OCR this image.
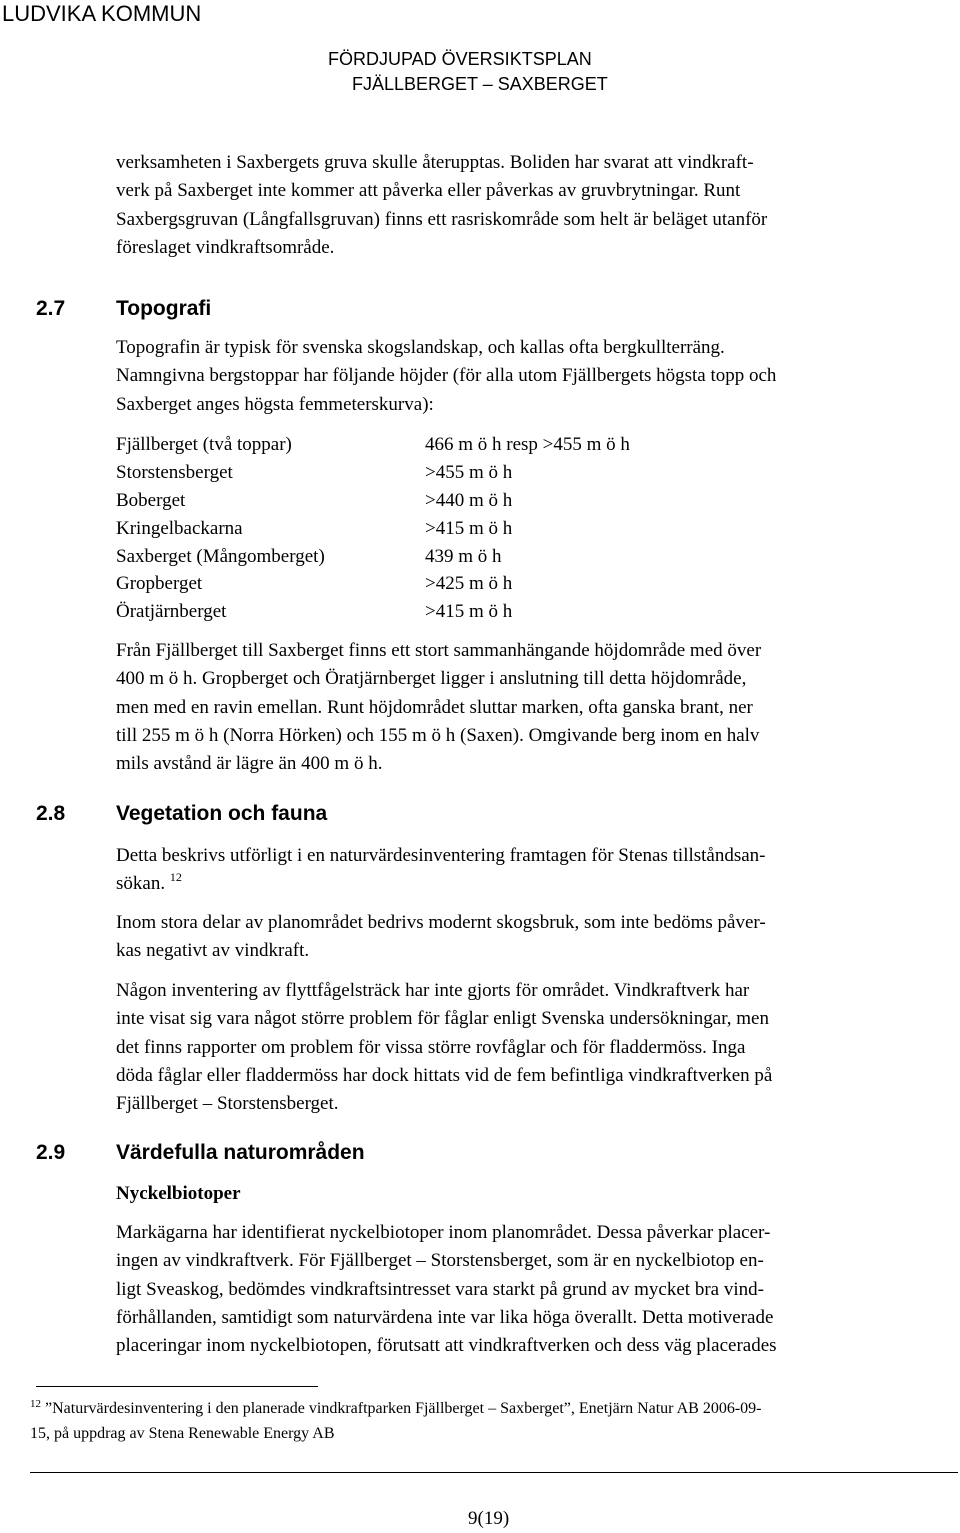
LUDVIKA KOMMUN
FÖRDJUPAD ÖVERSIKTSPLAN
FJÄLLBERGET – SAXBERGET

verksamheten i Saxbergets gruva skulle återupptas. Boliden har svarat att vindkraft-
verk på Saxberget inte kommer att påverka eller påverkas av gruvbrytningar. Runt
Saxbergsgruvan (Långfallsgruvan) finns ett rasriskområde som helt är beläget utanför
föreslaget vindkraftsområde.

2.7 Topografi

Topografin är typisk för svenska skogslandskap, och kallas ofta bergkullterräng.
Namngivna bergstoppar har följande höjder (för alla utom Fjällbergets högsta topp och
Saxberget anges högsta femmeterskurva):

Fjällberget (två toppar)	466 m ö h resp >455 m ö h
Storstensberget	>455 m ö h
Boberget	>440 m ö h
Kringelbackarna	>415 m ö h
Saxberget (Mångomberget)	439 m ö h
Gropberget	>425 m ö h
Öratjärnberget	>415 m ö h

Från Fjällberget till Saxberget finns ett stort sammanhängande höjdområde med över
400 m ö h. Gropberget och Öratjärnberget ligger i anslutning till detta höjdområde,
men med en ravin emellan. Runt höjdområdet sluttar marken, ofta ganska brant, ner
till 255 m ö h (Norra Hörken) och 155 m ö h (Saxen). Omgivande berg inom en halv
mils avstånd är lägre än 400 m ö h.

2.8 Vegetation och fauna

Detta beskrivs utförligt i en naturvärdesinventering framtagen för Stenas tillståndsan-
sökan. $^{12}$

Inom stora delar av planområdet bedrivs modernt skogsbruk, som inte bedöms påver-
kas negativt av vindkraft.

Någon inventering av flyttfågelsträck har inte gjorts för området. Vindkraftverk har
inte visat sig vara något större problem för fåglar enligt Svenska undersökningar, men
det finns rapporter om problem för vissa större rovfåglar och för fladdermöss. Inga
döda fåglar eller fladdermöss har dock hittats vid de fem befintliga vindkraftverken på
Fjällberget – Storstensberget.

2.9 Värdefulla naturområden
Nyckelbiotoper

Markägarna har identifierat nyckelbiotoper inom planområdet. Dessa påverkar placer-
ingen av vindkraftverk. För Fjällberget – Storstensberget, som är en nyckelbiotop en-
ligt Sveaskog, bedömdes vindkraftsintresset vara starkt på grund av mycket bra vind-
förhållanden, samtidigt som naturvärdena inte var lika höga överallt. Detta motiverade
placeringar inom nyckelbiotopen, förutsatt att vindkraftverken och dess väg placerades

$^{12}$ ”Naturvärdesinventering i den planerade vindkraftparken Fjällberget – Saxberget”, Enetjärn Natur AB 2006-09-
15, på uppdrag av Stena Renewable Energy AB
9(19)
